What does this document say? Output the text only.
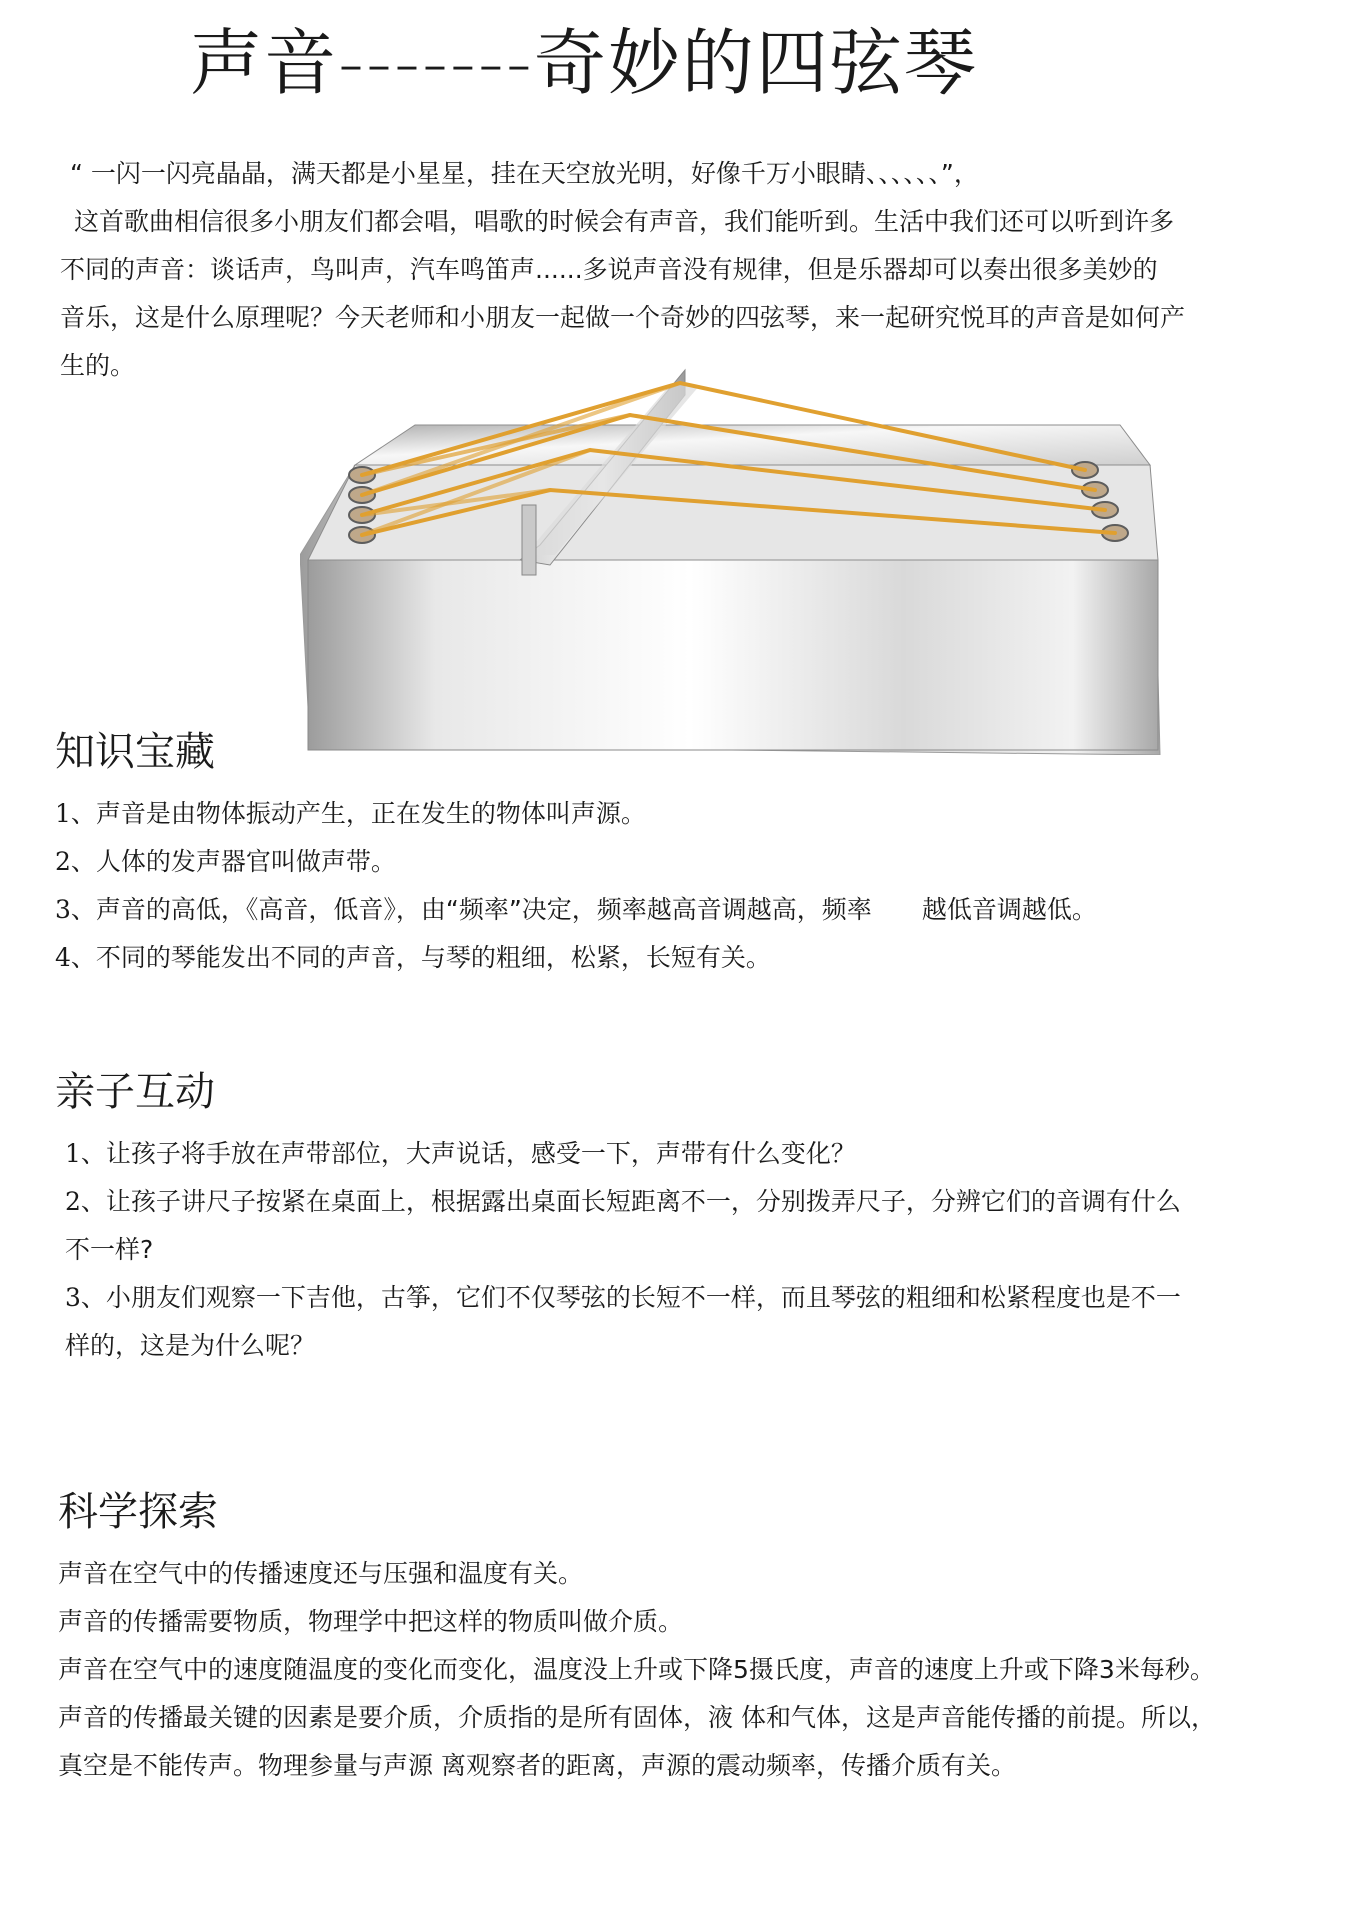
声音-------奇妙的四弦琴

“ 一闪一闪亮晶晶，满天都是小星星，挂在天空放光明，好像千万小眼睛、、、、、、”，

这首歌曲相信很多小朋友们都会唱，唱歌的时候会有声音，我们能听到。生活中我们还可以听到许多

不同的声音：谈话声，鸟叫声，汽车鸣笛声......多说声音没有规律，但是乐器却可以奏出很多美妙的

音乐，这是什么原理呢？今天老师和小朋友一起做一个奇妙的四弦琴，来一起研究悦耳的声音是如何产

生的。

知识宝藏

1、声音是由物体振动产生，正在发生的物体叫声源。

2、人体的发声器官叫做声带。

3、声音的高低，《高音，低音》，由“频率”决定，频率越高音调越高，频率　　越低音调越低。

4、不同的琴能发出不同的声音，与琴的粗细，松紧，长短有关。

亲子互动

1、让孩子将手放在声带部位，大声说话，感受一下，声带有什么变化？

2、让孩子讲尺子按紧在桌面上，根据露出桌面长短距离不一，分别拨弄尺子，分辨它们的音调有什么

不一样?

3、小朋友们观察一下吉他，古筝，它们不仅琴弦的长短不一样，而且琴弦的粗细和松紧程度也是不一

样的，这是为什么呢？

科学探索

声音在空气中的传播速度还与压强和温度有关。

声音的传播需要物质，物理学中把这样的物质叫做介质。

声音在空气中的速度随温度的变化而变化，温度没上升或下降5摄氏度，声音的速度上升或下降3米每秒。

声音的传播最关键的因素是要介质，介质指的是所有固体，液 体和气体，这是声音能传播的前提。所以，

真空是不能传声。物理参量与声源 离观察者的距离，声源的震动频率，传播介质有关。
